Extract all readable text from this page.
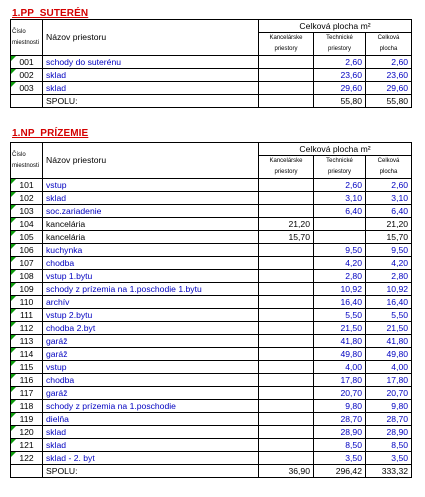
1.PP_SUTERÉN
Číslo miestnosti	Názov priestoru	Celková plocha m²		
		Kancelárske priestory	Technické priestory	Celková plocha
001	schody do suterénu		2,60	2,60
002	sklad		23,60	23,60
003	sklad		29,60	29,60
	SPOLU:		55,80	55,80
1.NP_PRÍZEMIE
Číslo miestnosti	Názov priestoru	Celková plocha m²		
		Kancelárske priestory	Technické priestory	Celková plocha
101	vstup		2,60	2,60
102	sklad		3,10	3,10
103	soc.zariadenie		6,40	6,40
104	kancelária	21,20		21,20
105	kancelária	15,70		15,70
106	kuchynka		9,50	9,50
107	chodba		4,20	4,20
108	vstup 1.bytu		2,80	2,80
109	schody z prízemia na 1.poschodie 1.bytu		10,92	10,92
110	archív		16,40	16,40
111	vstup 2.bytu		5,50	5,50
112	chodba 2.byt		21,50	21,50
113	garáž		41,80	41,80
114	garáž		49,80	49,80
115	vstup		4,00	4,00
116	chodba		17,80	17,80
117	garáž		20,70	20,70
118	schody z prízemia na 1.poschodie		9,80	9,80
119	dielňa		28,70	28,70
120	sklad		28,90	28,90
121	sklad		8,50	8,50
122	sklad - 2. byt		3,50	3,50
	SPOLU:	36,90	296,42	333,32
